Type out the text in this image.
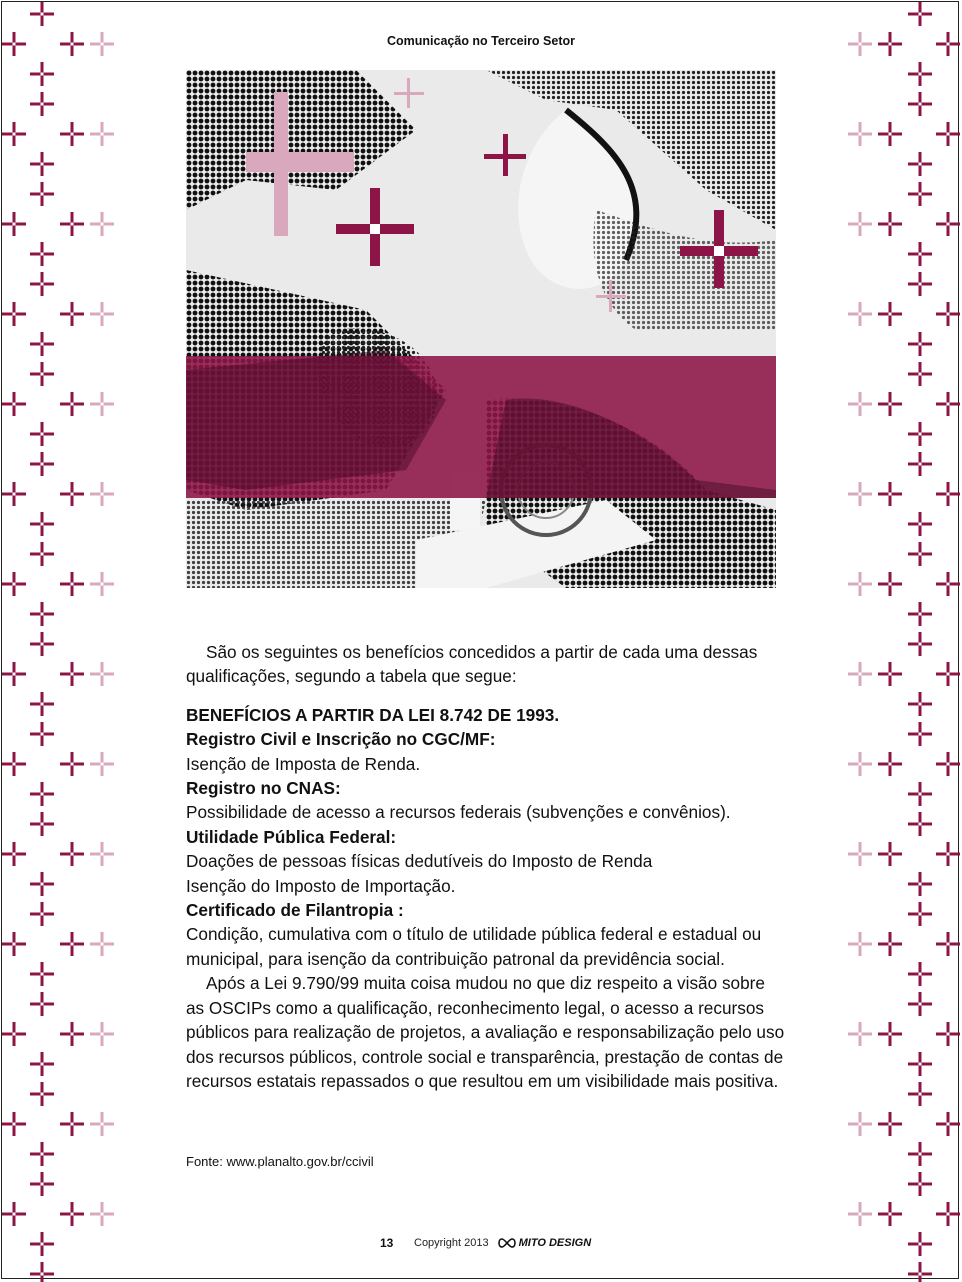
Comunicação no Terceiro Setor

São os seguintes os benefícios concedidos a partir de cada uma dessas qualificações, segundo a tabela que segue:

BENEFÍCIOS A PARTIR DA LEI 8.742 DE 1993.

Registro Civil e Inscrição no CGC/MF:

Isenção de Imposta de Renda.

Registro no CNAS:

Possibilidade de acesso a recursos federais (subvenções e convênios).

Utilidade Pública Federal:

Doações de pessoas físicas dedutíveis do Imposto de Renda

Isenção do Imposto de Importação.

Certificado de Filantropia :

Condição, cumulativa com o título de utilidade pública federal e estadual ou municipal, para isenção da contribuição patronal da previdência social.

Após a Lei 9.790/99 muita coisa mudou no que diz respeito a visão sobre as OSCIPs como a qualificação, reconhecimento legal, o acesso a recursos públicos para realização de projetos, a avaliação e responsabilização pelo uso dos recursos públicos, controle social e transparência, prestação de contas de recursos estatais repassados o que resultou em um visibilidade mais positiva.

Fonte: www.planalto.gov.br/ccivil
13	Copyright 2013	MITO DESIGN
